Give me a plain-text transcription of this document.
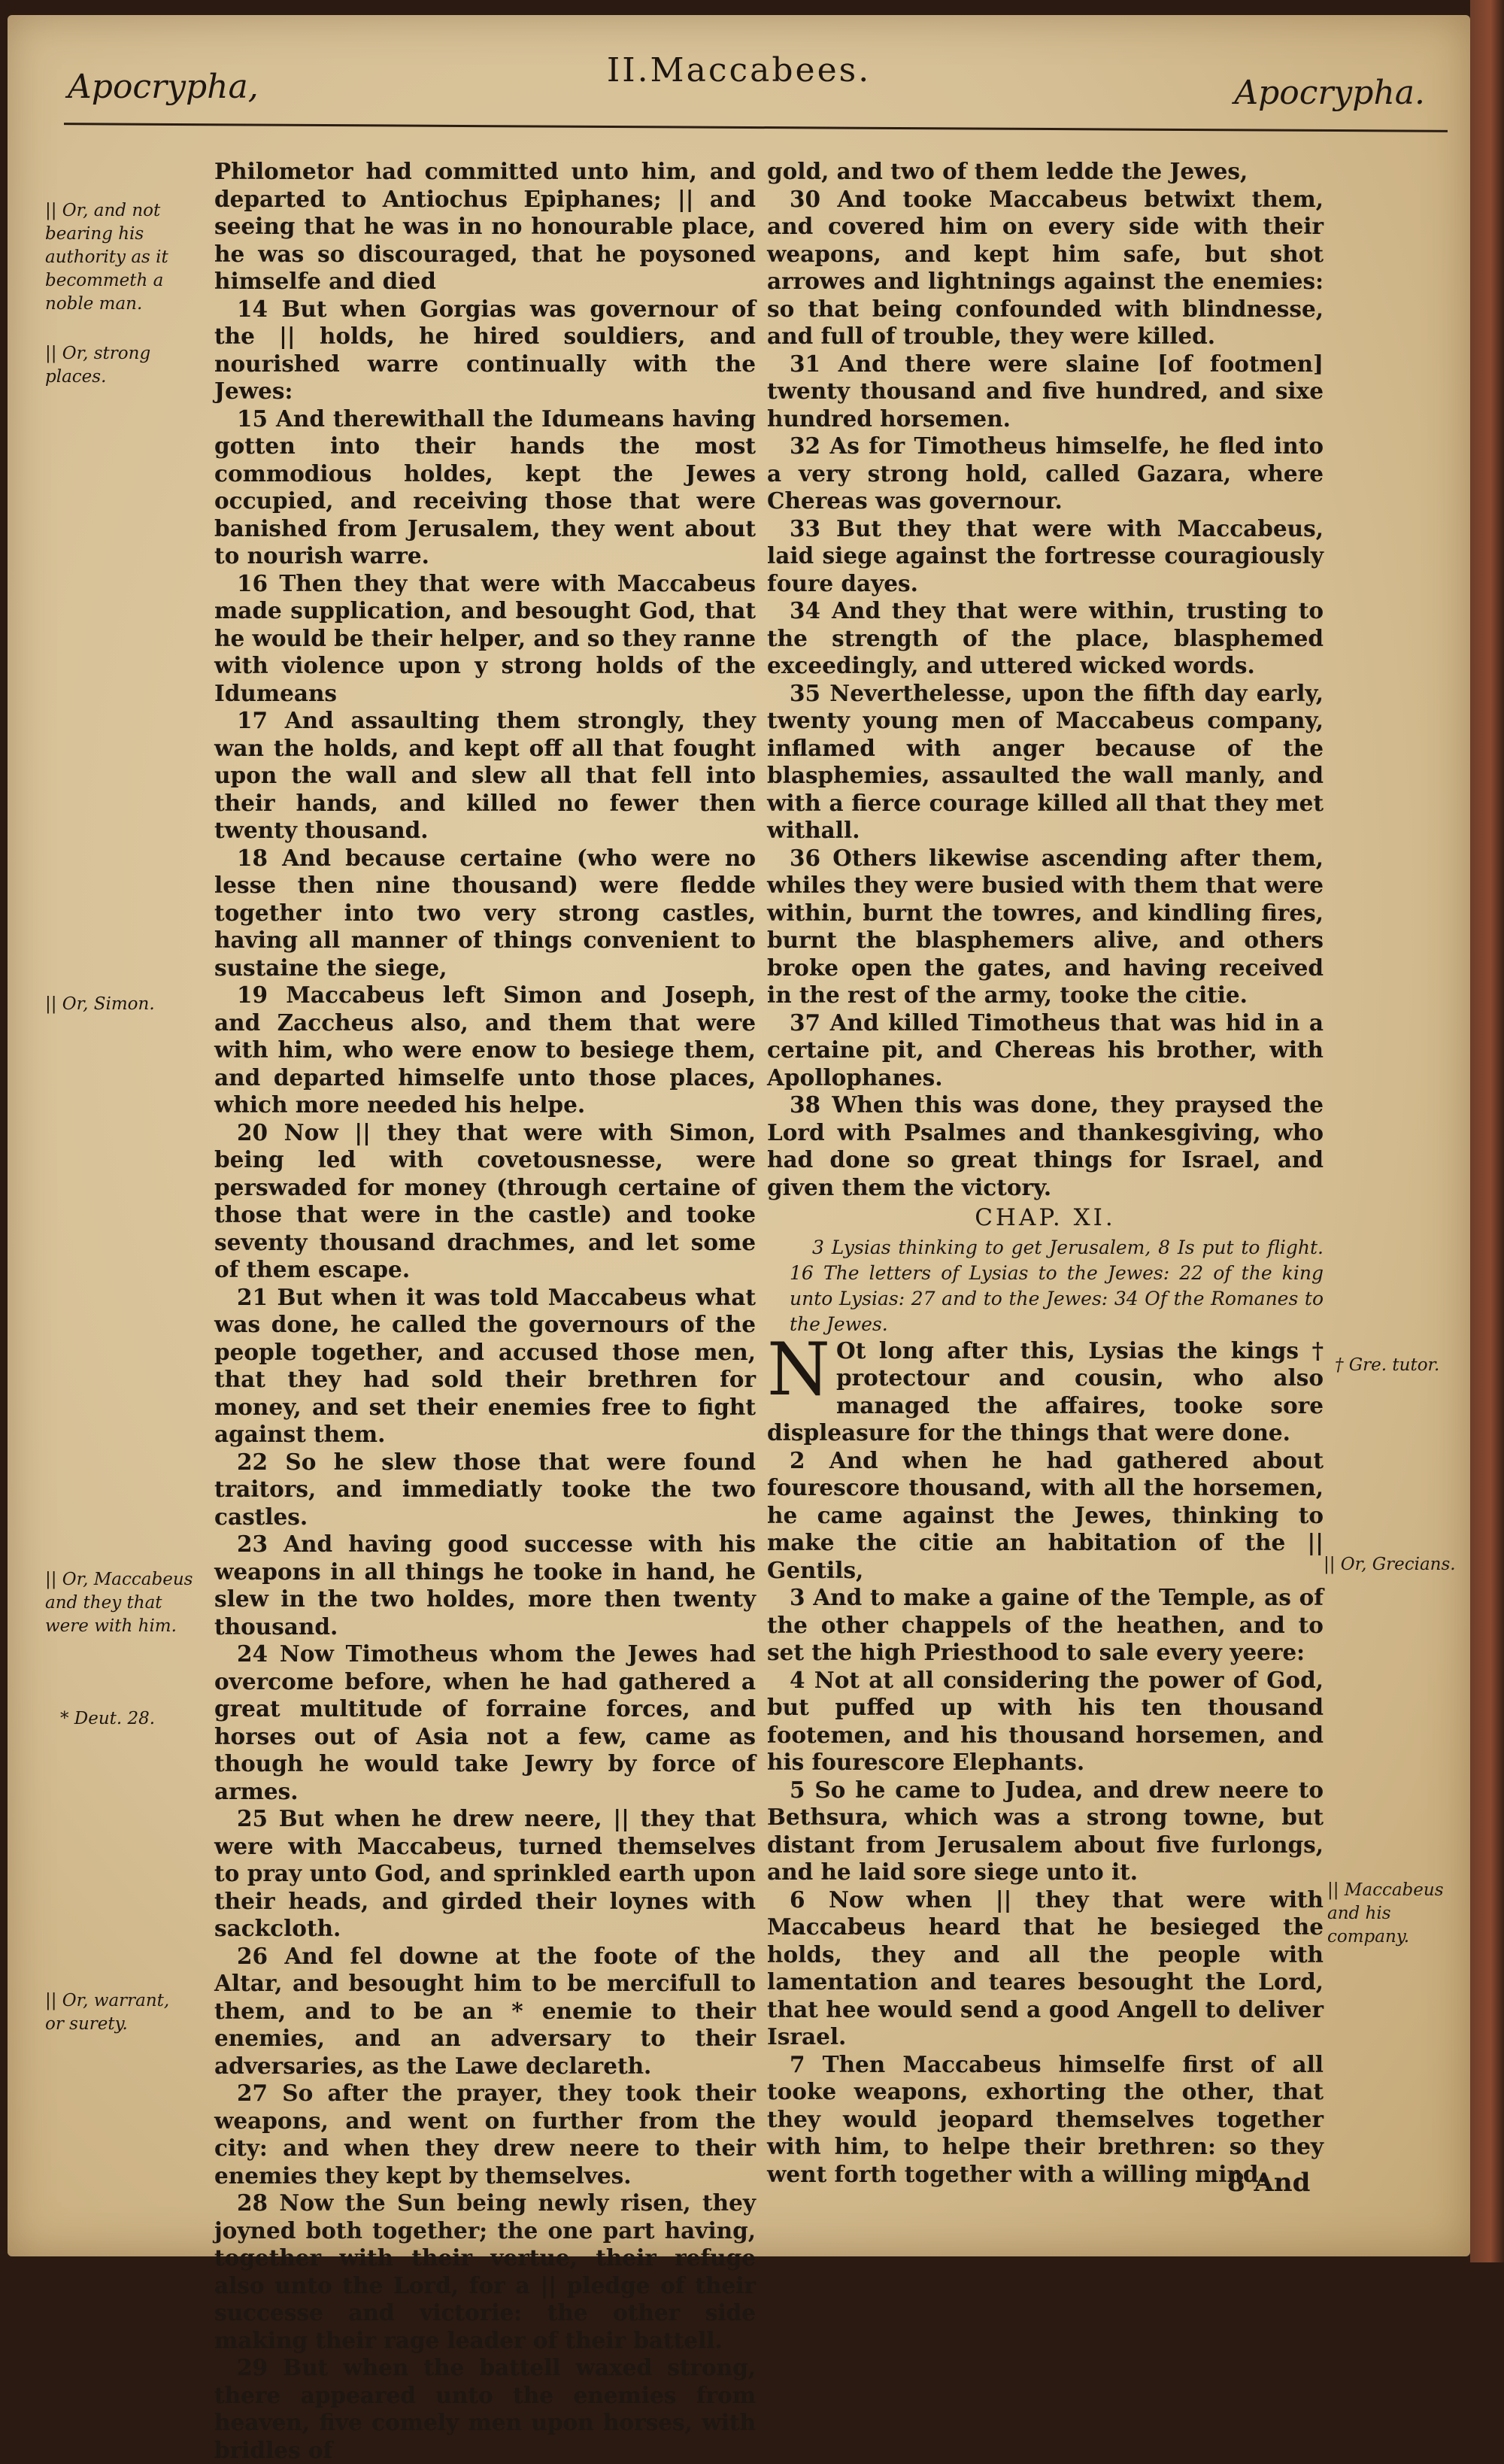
Apocrypha,	II.Maccabees.
Apocrypha.
|| Or, and not bearing his authority as it becommeth a noble man.
|| Or, strong places.
|| Or, Simon.
|| Or, Maccabeus and they that were with him.
* Deut. 28.
|| Or, warrant, or surety.
† Gre. tutor.
|| Or, Grecians.
|| Maccabeus and his company.

Philometor had committed unto him, and departed to Antiochus Epiphanes; || and seeing that he was in no honourable place, he was so discouraged, that he poysoned himselfe and died

14 But when Gorgias was governour of the || holds, he hired souldiers, and nourished warre continually with the Jewes:

15 And therewithall the Idumeans having gotten into their hands the most commodious holdes, kept the Jewes occupied, and receiving those that were banished from Jerusalem, they went about to nourish warre.

16 Then they that were with Maccabeus made supplication, and besought God, that he would be their helper, and so they ranne with violence upon y strong holds of the Idumeans

17 And assaulting them strongly, they wan the holds, and kept off all that fought upon the wall and slew all that fell into their hands, and killed no fewer then twenty thousand.

18 And because certaine (who were no lesse then nine thousand) were fledde together into two very strong castles, having all manner of things convenient to sustaine the siege,

19 Maccabeus left Simon and Joseph, and Zaccheus also, and them that were with him, who were enow to besiege them, and departed himselfe unto those places, which more needed his helpe.

20 Now || they that were with Simon, being led with covetousnesse, were perswaded for money (through certaine of those that were in the castle) and tooke seventy thousand drachmes, and let some of them escape.

21 But when it was told Maccabeus what was done, he called the governours of the people together, and accused those men, that they had sold their brethren for money, and set their enemies free to fight against them.

22 So he slew those that were found traitors, and immediatly tooke the two castles.

23 And having good successe with his weapons in all things he tooke in hand, he slew in the two holdes, more then twenty thousand.

24 Now Timotheus whom the Jewes had overcome before, when he had gathered a great multitude of forraine forces, and horses out of Asia not a few, came as though he would take Jewry by force of armes.

25 But when he drew neere, || they that were with Maccabeus, turned themselves to pray unto God, and sprinkled earth upon their heads, and girded their loynes with sackcloth.

26 And fel downe at the foote of the Altar, and besought him to be mercifull to them, and to be an * enemie to their enemies, and an adversary to their adversaries, as the Lawe declareth.

27 So after the prayer, they took their weapons, and went on further from the city: and when they drew neere to their enemies they kept by themselves.

28 Now the Sun being newly risen, they joyned both together; the one part having, together with their vertue, their refuge also unto the Lord, for a || pledge of their successe and victorie: the other side making their rage leader of their battell.

29 But when the battell waxed strong, there appeared unto the enemies from heaven, five comely men upon horses, with bridles of

gold, and two of them ledde the Jewes,

30 And tooke Maccabeus betwixt them, and covered him on every side with their weapons, and kept him safe, but shot arrowes and lightnings against the enemies: so that being confounded with blindnesse, and full of trouble, they were killed.

31 And there were slaine [of footmen] twenty thousand and five hundred, and sixe hundred horsemen.

32 As for Timotheus himselfe, he fled into a very strong hold, called Gazara, where Chereas was governour.

33 But they that were with Maccabeus, laid siege against the fortresse couragiously foure dayes.

34 And they that were within, trusting to the strength of the place, blasphemed exceedingly, and uttered wicked words.

35 Neverthelesse, upon the fifth day early, twenty young men of Maccabeus company, inflamed with anger because of the blasphemies, assaulted the wall manly, and with a fierce courage killed all that they met withall.

36 Others likewise ascending after them, whiles they were busied with them that were within, burnt the towres, and kindling fires, burnt the blasphemers alive, and others broke open the gates, and having received in the rest of the army, tooke the citie.

37 And killed Timotheus that was hid in a certaine pit, and Chereas his brother, with Apollophanes.

38 When this was done, they praysed the Lord with Psalmes and thankesgiving, who had done so great things for Israel, and given them the victory.

CHAP. XI.

3 Lysias thinking to get Jerusalem, 8 Is put to flight. 16 The letters of Lysias to the Jewes: 22 of the king unto Lysias: 27 and to the Jewes: 34 Of the Romanes to the Jewes.

N Ot long after this, Lysias the kings † protectour and cousin, who also managed the affaires, tooke sore displeasure for the things that were done.

2 And when he had gathered about fourescore thousand, with all the horsemen, he came against the Jewes, thinking to make the citie an habitation of the || Gentils,

3 And to make a gaine of the Temple, as of the other chappels of the heathen, and to set the high Priesthood to sale every yeere:

4 Not at all considering the power of God, but puffed up with his ten thousand footemen, and his thousand horsemen, and his fourescore Elephants.

5 So he came to Judea, and drew neere to Bethsura, which was a strong towne, but distant from Jerusalem about five furlongs, and he laid sore siege unto it.

6 Now when || they that were with Maccabeus heard that he besieged the holds, they and all the people with lamentation and teares besought the Lord, that hee would send a good Angell to deliver Israel.

7 Then Maccabeus himselfe first of all tooke weapons, exhorting the other, that they would jeopard themselves together with him, to helpe their brethren: so they went forth together with a willing mind.

8 And
